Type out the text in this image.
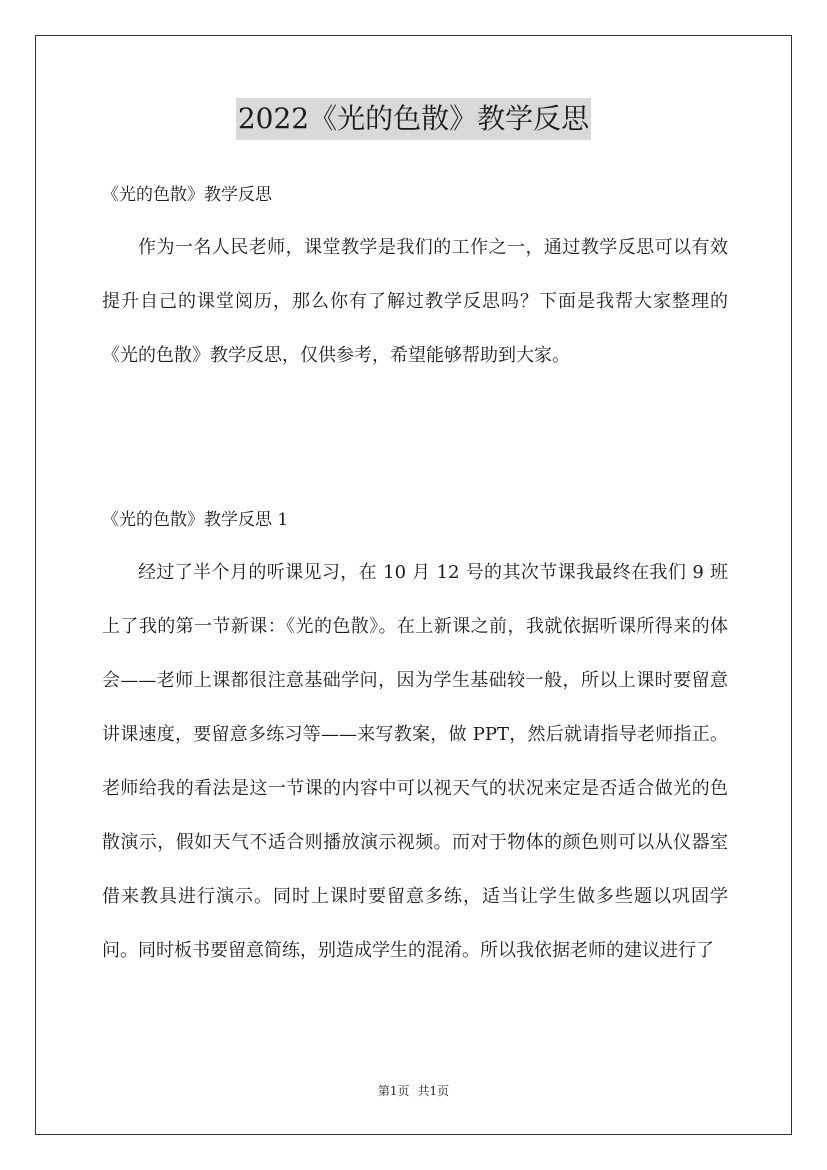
2022《光的色散》教学反思
《光的色散》教学反思
作为一名人民老师，课堂教学是我们的工作之一，通过教学反思可以有效提升自己的课堂阅历，那么你有了解过教学反思吗？下面是我帮大家整理的《光的色散》教学反思，仅供参考，希望能够帮助到大家。
《光的色散》教学反思 1
经过了半个月的听课见习，在 10 月 12 号的其次节课我最终在我们 9 班上了我的第一节新课：《光的色散》。在上新课之前，我就依据听课所得来的体会——老师上课都很注意基础学问，因为学生基础较一般，所以上课时要留意讲课速度，要留意多练习等——来写教案，做 PPT，然后就请指导老师指正。老师给我的看法是这一节课的内容中可以视天气的状况来定是否适合做光的色散演示，假如天气不适合则播放演示视频。而对于物体的颜色则可以从仪器室借来教具进行演示。同时上课时要留意多练，适当让学生做多些题以巩固学问。同时板书要留意简练，别造成学生的混淆。所以我依据老师的建议进行了
第1页 共1页
